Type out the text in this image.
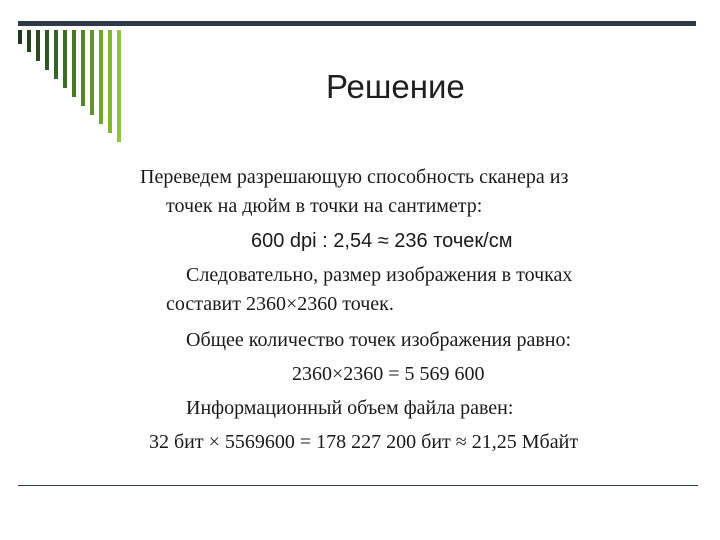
Решение
Переведем разрешающую способность сканера из
точек на дюйм в точки на сантиметр:
600 dpi : 2,54 ≈ 236 точек/см
Следовательно, размер изображения в точках
составит 2360×2360 точек.
Общее количество точек изображения равно:
2360×2360 = 5 569 600
Информационный объем файла равен:
32 бит × 5569600 = 178 227 200 бит ≈ 21,25 Мбайт
